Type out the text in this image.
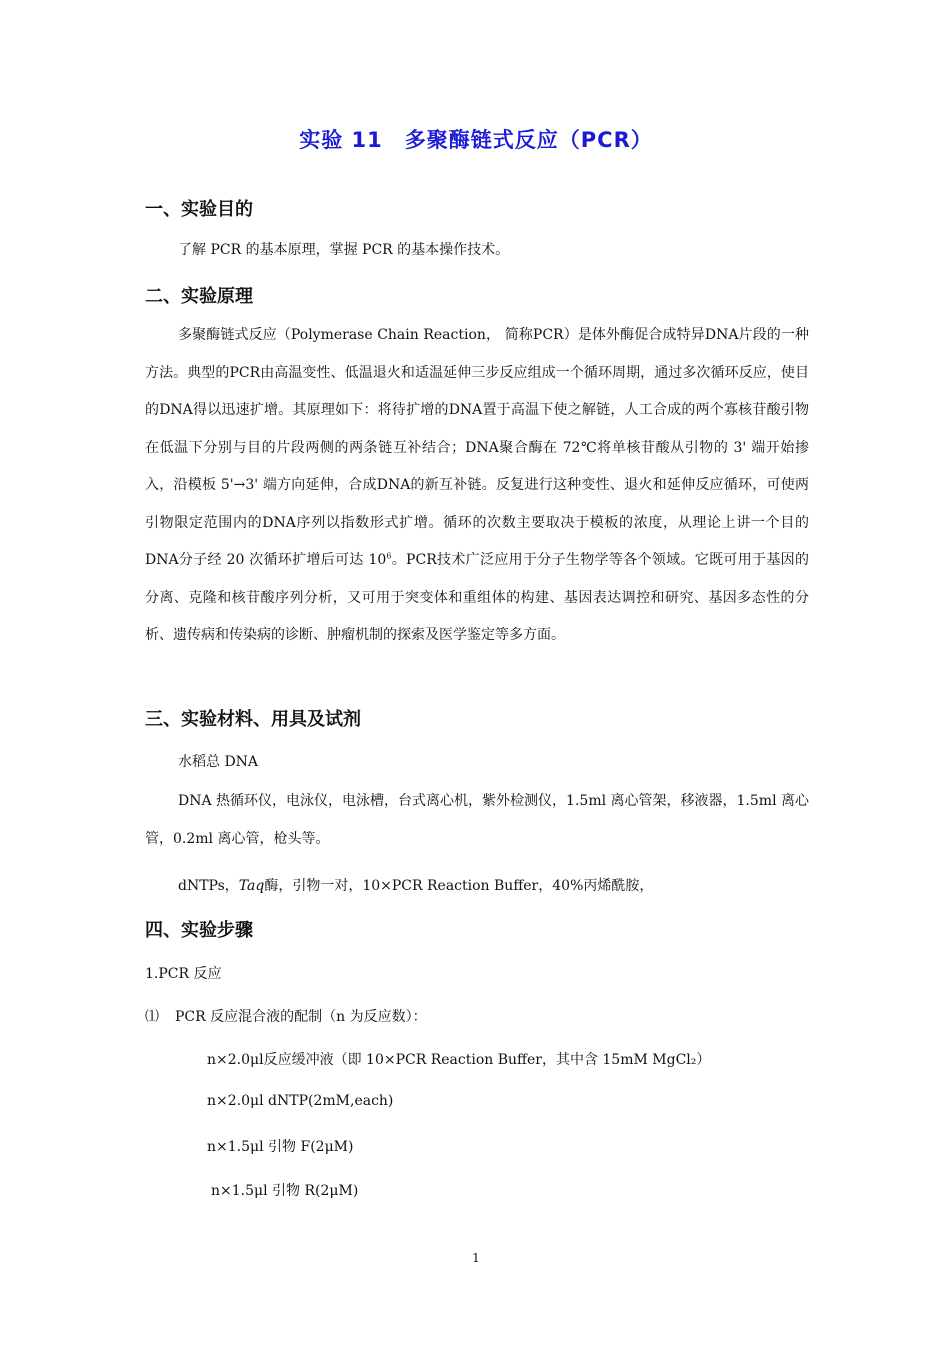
实验 11　多聚酶链式反应（PCR）
一、实验目的
了解 PCR 的基本原理，掌握 PCR 的基本操作技术。
二、实验原理
多聚酶链式反应（Polymerase Chain Reaction， 简称PCR）是体外酶促合成特异DNA片段的一种方法。典型的PCR由高温变性、低温退火和适温延伸三步反应组成一个循环周期，通过多次循环反应，使目的DNA得以迅速扩增。其原理如下：将待扩增的DNA置于高温下使之解链，人工合成的两个寡核苷酸引物在低温下分别与目的片段两侧的两条链互补结合；DNA聚合酶在 72℃将单核苷酸从引物的 3' 端开始掺入，沿模板 5'→3' 端方向延伸，合成DNA的新互补链。反复进行这种变性、退火和延伸反应循环，可使两引物限定范围内的DNA序列以指数形式扩增。循环的次数主要取决于模板的浓度，从理论上讲一个目的DNA分子经 20 次循环扩增后可达 $10^6$。PCR技术广泛应用于分子生物学等各个领域。它既可用于基因的分离、克隆和核苷酸序列分析，又可用于突变体和重组体的构建、基因表达调控和研究、基因多态性的分析、遗传病和传染病的诊断、肿瘤机制的探索及医学鉴定等多方面。
三、实验材料、用具及试剂
水稻总 DNA
DNA 热循环仪，电泳仪，电泳槽，台式离心机，紫外检测仪，1.5ml 离心管架，移液器，1.5ml 离心管，0.2ml 离心管，枪头等。
dNTPs，Taq酶，引物一对，10×PCR Reaction Buffer，40%丙烯酰胺，
四、实验步骤
1.PCR 反应
⑴ PCR 反应混合液的配制（n 为反应数）：
n×2.0μl反应缓冲液（即 10×PCR Reaction Buffer，其中含 15mM MgCl₂）
n×2.0μl dNTP(2mM,each)
n×1.5μl 引物 F(2μM)
n×1.5μl 引物 R(2μM)
1
